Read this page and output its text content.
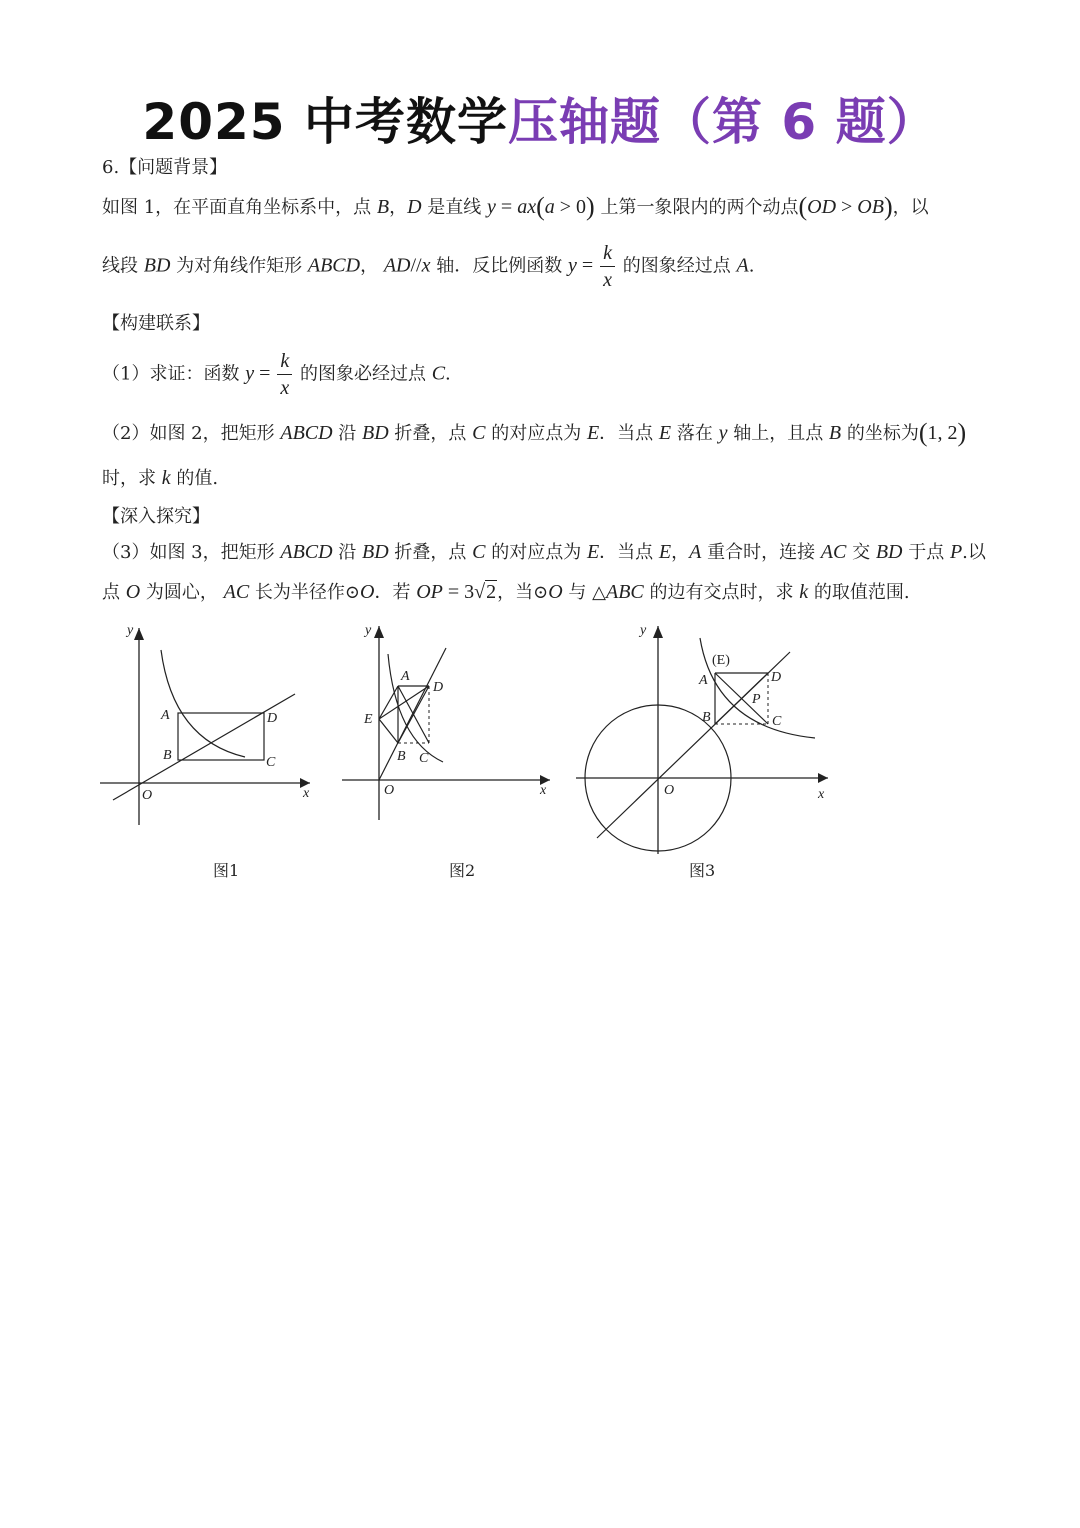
2025 中考数学压轴题（第 6 题）
6.【问题背景】
如图 1，在平面直角坐标系中，点 B，D 是直线 y = ax(a > 0) 上第一象限内的两个动点(OD > OB)，以
线段 BD 为对角线作矩形 ABCD， AD//x 轴．反比例函数 $y = \frac{k}{x}$ 的图象经过点 A.
【构建联系】
（1）求证：函数 $y = \frac{k}{x}$ 的图象必经过点 C.
（2）如图 2，把矩形 ABCD 沿 BD 折叠，点 C 的对应点为 E．当点 E 落在 y 轴上，且点 B 的坐标为(1, 2)
时，求 k 的值.
【深入探究】
（3）如图 3，把矩形 ABCD 沿 BD 折叠，点 C 的对应点为 E．当点 E，A 重合时，连接 AC 交 BD 于点 P.以
点 O 为圆心， AC 长为半径作⊙O．若 OP = 3√2，当⊙O 与 △ABC 的边有交点时，求 k 的取值范围.
y
x
O
A
B	C
D
图1
y
x
O
A
B C
D
E
图2
y
x
O
A
B	C
D
P
(E)
图3
